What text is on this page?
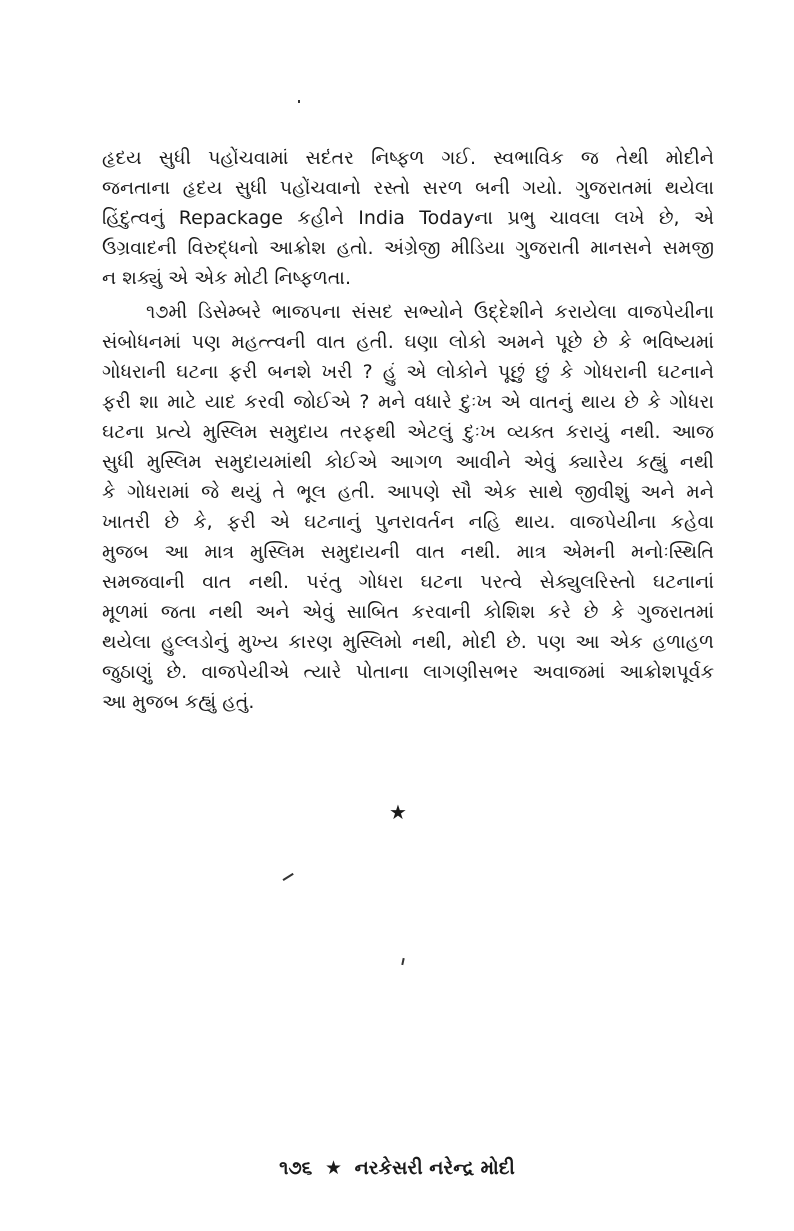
હૃદય સુધી પહોંચવામાં સદંતર નિષ્ફળ ગઈ. સ્વભાવિક જ તેથી મોદીને
જનતાના હૃદય સુધી પહોંચવાનો રસ્તો સરળ બની ગયો. ગુજરાતમાં થયેલા
હિંદુત્વનું Repackage કહીને India Todayના પ્રભુ ચાવલા લખે છે, એ
ઉગ્રવાદની વિરુદ્ધનો આક્રોશ હતો. અંગ્રેજી મીડિયા ગુજરાતી માનસને સમજી
ન શક્યું એ એક મોટી નિષ્ફળતા.
૧૭મી ડિસેમ્બરે ભાજપના સંસદ સભ્યોને ઉદ્દેશીને કરાયેલા વાજપેયીના
સંબોધનમાં પણ મહત્ત્વની વાત હતી. ઘણા લોકો અમને પૂછે છે કે ભવિષ્યમાં
ગોધરાની ઘટના ફરી બનશે ખરી ? હું એ લોકોને પૂછું છું કે ગોધરાની ઘટનાને
ફરી શા માટે યાદ કરવી જોઈએ ? મને વધારે દુઃખ એ વાતનું થાય છે કે ગોધરા
ઘટના પ્રત્યે મુસ્લિમ સમુદાય તરફથી એટલું દુઃખ વ્યક્ત કરાયું નથી. આજ
સુધી મુસ્લિમ સમુદાયમાંથી કોઈએ આગળ આવીને એવું ક્યારેય કહ્યું નથી
કે ગોધરામાં જે થયું તે ભૂલ હતી. આપણે સૌ એક સાથે જીવીશું અને મને
ખાતરી છે કે, ફરી એ ઘટનાનું પુનરાવર્તન નહિ થાય. વાજપેયીના કહેવા
મુજબ આ માત્ર મુસ્લિમ સમુદાયની વાત નથી. માત્ર એમની મનોઃસ્થિતિ
સમજવાની વાત નથી. પરંતુ ગોધરા ઘટના પરત્વે સેક્યુલરિસ્તો ઘટનાનાં
મૂળમાં જતા નથી અને એવું સાબિત કરવાની કોશિશ કરે છે કે ગુજરાતમાં
થયેલા હુલ્લડોનું મુખ્ય કારણ મુસ્લિમો નથી, મોદી છે. પણ આ એક હળાહળ
જુઠાણું છે. વાજપેયીએ ત્યારે પોતાના લાગણીસભર અવાજમાં આક્રોશપૂર્વક
આ મુજબ કહ્યું હતું.
★
૧૭૬ ★ નરકેસરી નરેન્દ્ર મોદી
